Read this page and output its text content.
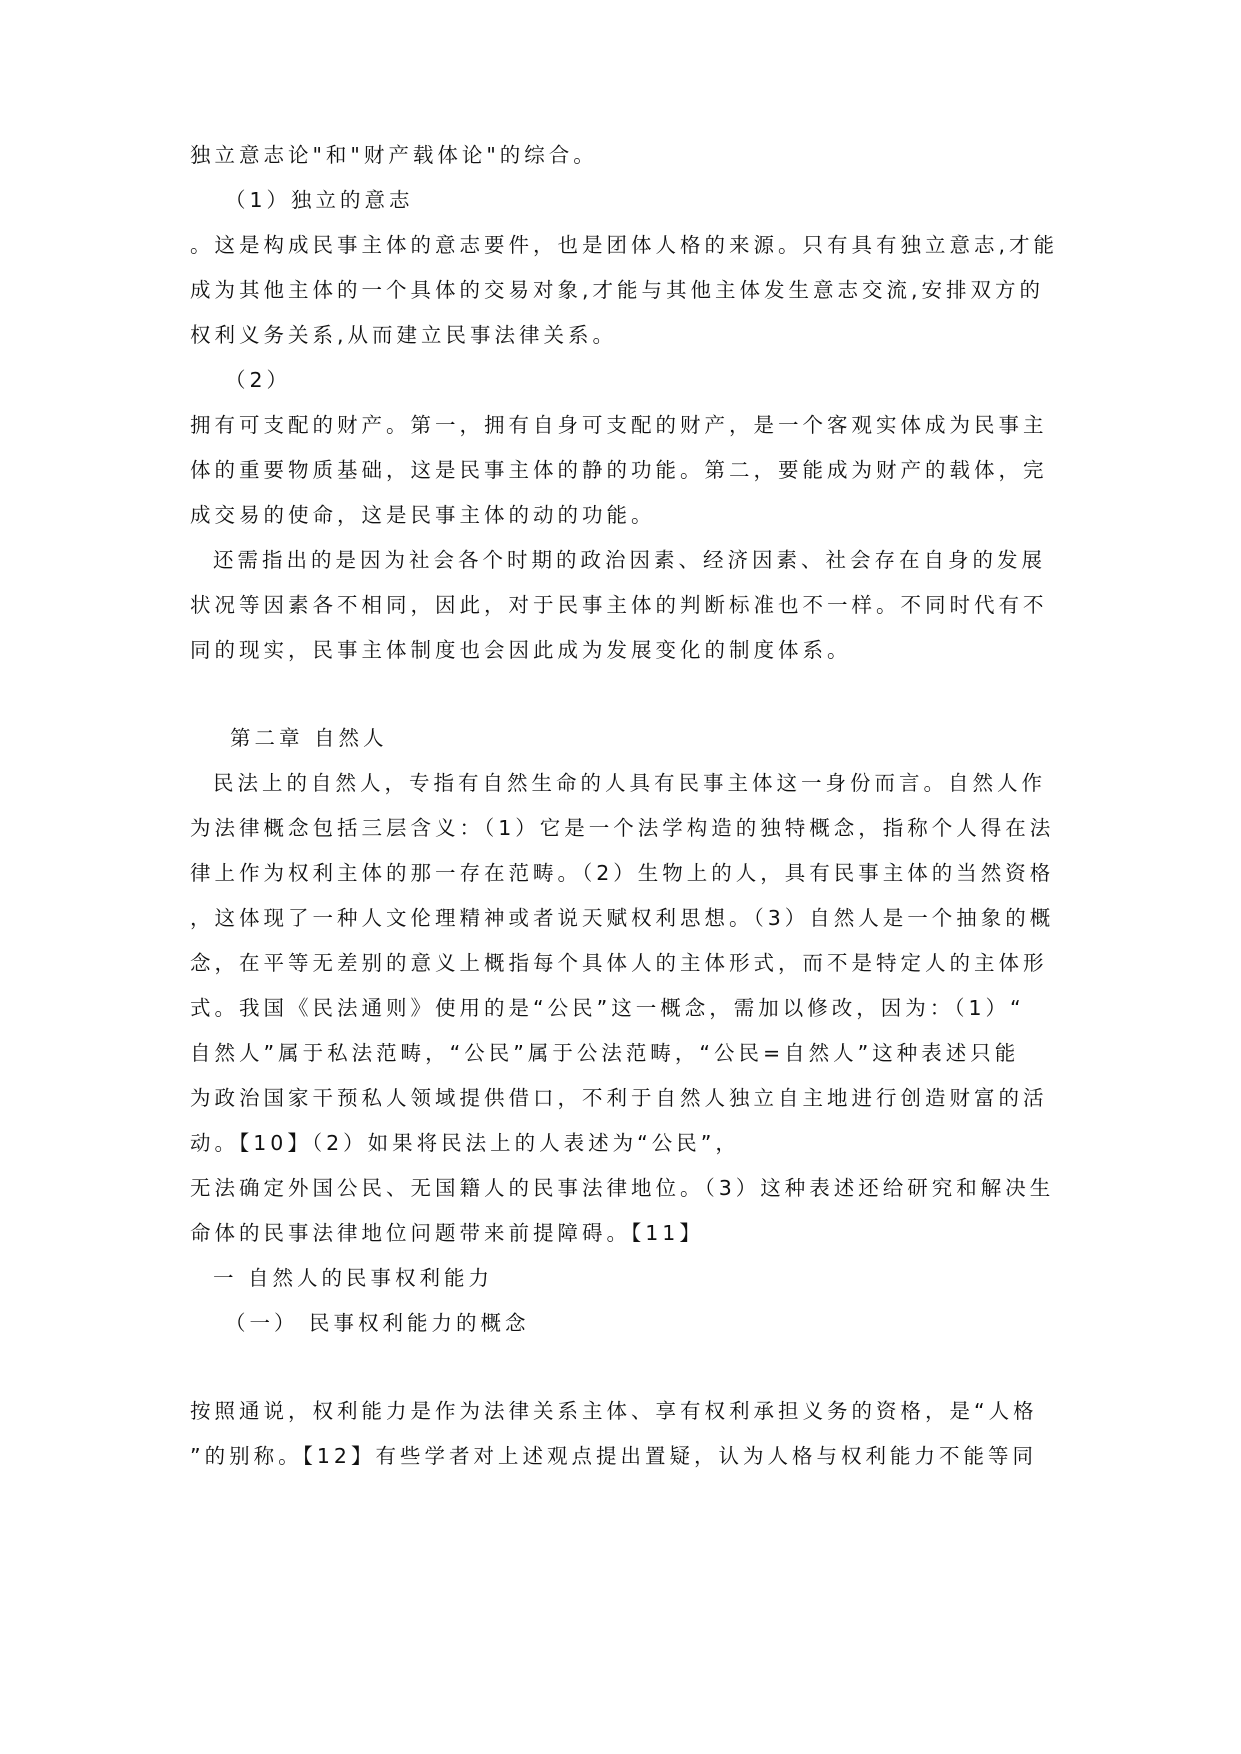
独立意志论"和"财产载体论"的综合。
（1）独立的意志
。这是构成民事主体的意志要件，也是团体人格的来源。只有具有独立意志,才能
成为其他主体的一个具体的交易对象,才能与其他主体发生意志交流,安排双方的
权利义务关系,从而建立民事法律关系。
（2）
拥有可支配的财产。第一，拥有自身可支配的财产，是一个客观实体成为民事主
体的重要物质基础，这是民事主体的静的功能。第二，要能成为财产的载体，完
成交易的使命，这是民事主体的动的功能。
还需指出的是因为社会各个时期的政治因素、经济因素、社会存在自身的发展
状况等因素各不相同，因此，对于民事主体的判断标准也不一样。不同时代有不
同的现实，民事主体制度也会因此成为发展变化的制度体系。
第二章 自然人
民法上的自然人，专指有自然生命的人具有民事主体这一身份而言。自然人作
为法律概念包括三层含义：（1）它是一个法学构造的独特概念，指称个人得在法
律上作为权利主体的那一存在范畴。（2）生物上的人，具有民事主体的当然资格
，这体现了一种人文伦理精神或者说天赋权利思想。（3）自然人是一个抽象的概
念，在平等无差别的意义上概指每个具体人的主体形式，而不是特定人的主体形
式。我国《民法通则》使用的是“公民”这一概念，需加以修改，因为：（1）“
自然人”属于私法范畴，“公民”属于公法范畴，“公民=自然人”这种表述只能
为政治国家干预私人领域提供借口，不利于自然人独立自主地进行创造财富的活
动。【10】（2）如果将民法上的人表述为“公民”，
无法确定外国公民、无国籍人的民事法律地位。（3）这种表述还给研究和解决生
命体的民事法律地位问题带来前提障碍。【11】
一 自然人的民事权利能力
（一） 民事权利能力的概念
按照通说，权利能力是作为法律关系主体、享有权利承担义务的资格，是“人格
”的别称。【12】有些学者对上述观点提出置疑，认为人格与权利能力不能等同
